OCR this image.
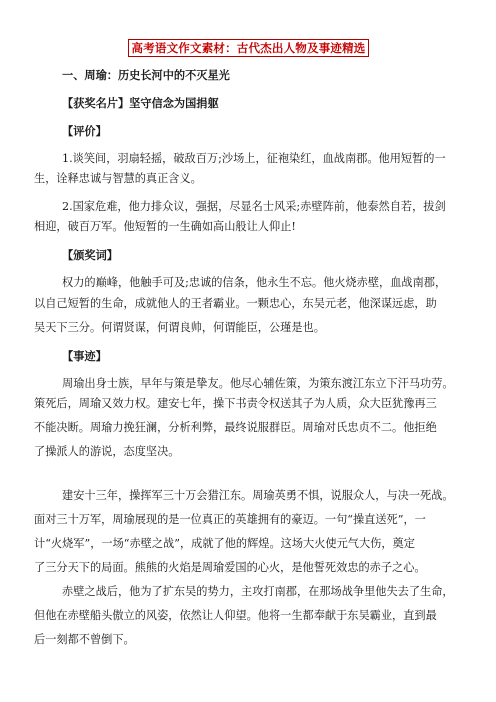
高考语文作文素材：古代杰出人物及事迹精选
一、周瑜：历史长河中的不灭星光
【获奖名片】坚守信念为国捐躯
【评价】
1.谈笑间，羽扇轻摇，破敌百万;沙场上，征袍染红，血战南郡。他用短暂的一
生，诠释忠诚与智慧的真正含义。
2.国家危难，他力排众议，强据，尽显名士风采;赤壁阵前，他泰然自若，拔剑
相迎，破百万军。他短暂的一生确如高山般让人仰止!
【颁奖词】
权力的巅峰，他触手可及;忠诚的信条，他永生不忘。他火烧赤壁，血战南郡，
以自己短暂的生命，成就他人的王者霸业。一颗忠心，东吴元老，他深谋远虑，助
吴天下三分。何谓贤谋，何谓良帅，何谓能臣，公瑾是也。
【事迹】
周瑜出身士族，早年与策是挚友。他尽心辅佐策，为策东渡江东立下汗马功劳。
策死后，周瑜又效力权。建安七年，操下书责令权送其子为人质，众大臣犹豫再三
不能决断。周瑜力挽狂澜，分析利弊，最终说服群臣。周瑜对氏忠贞不二。他拒绝
了操派人的游说，态度坚决。
建安十三年，操挥军三十万会猎江东。周瑜英勇不惧，说服众人，与决一死战。
面对三十万军，周瑜展现的是一位真正的英雄拥有的豪迈。一句“操直送死”，一
计“火烧军”，一场“赤壁之战”，成就了他的辉煌。这场大火使元气大伤，奠定
了三分天下的局面。熊熊的火焰是周瑜爱国的心火，是他誓死效忠的赤子之心。
赤壁之战后，他为了扩东吴的势力，主攻打南郡，在那场战争里他失去了生命，
但他在赤壁船头傲立的风姿，依然让人仰望。他将一生都奉献于东吴霸业，直到最
后一刻都不曾倒下。
